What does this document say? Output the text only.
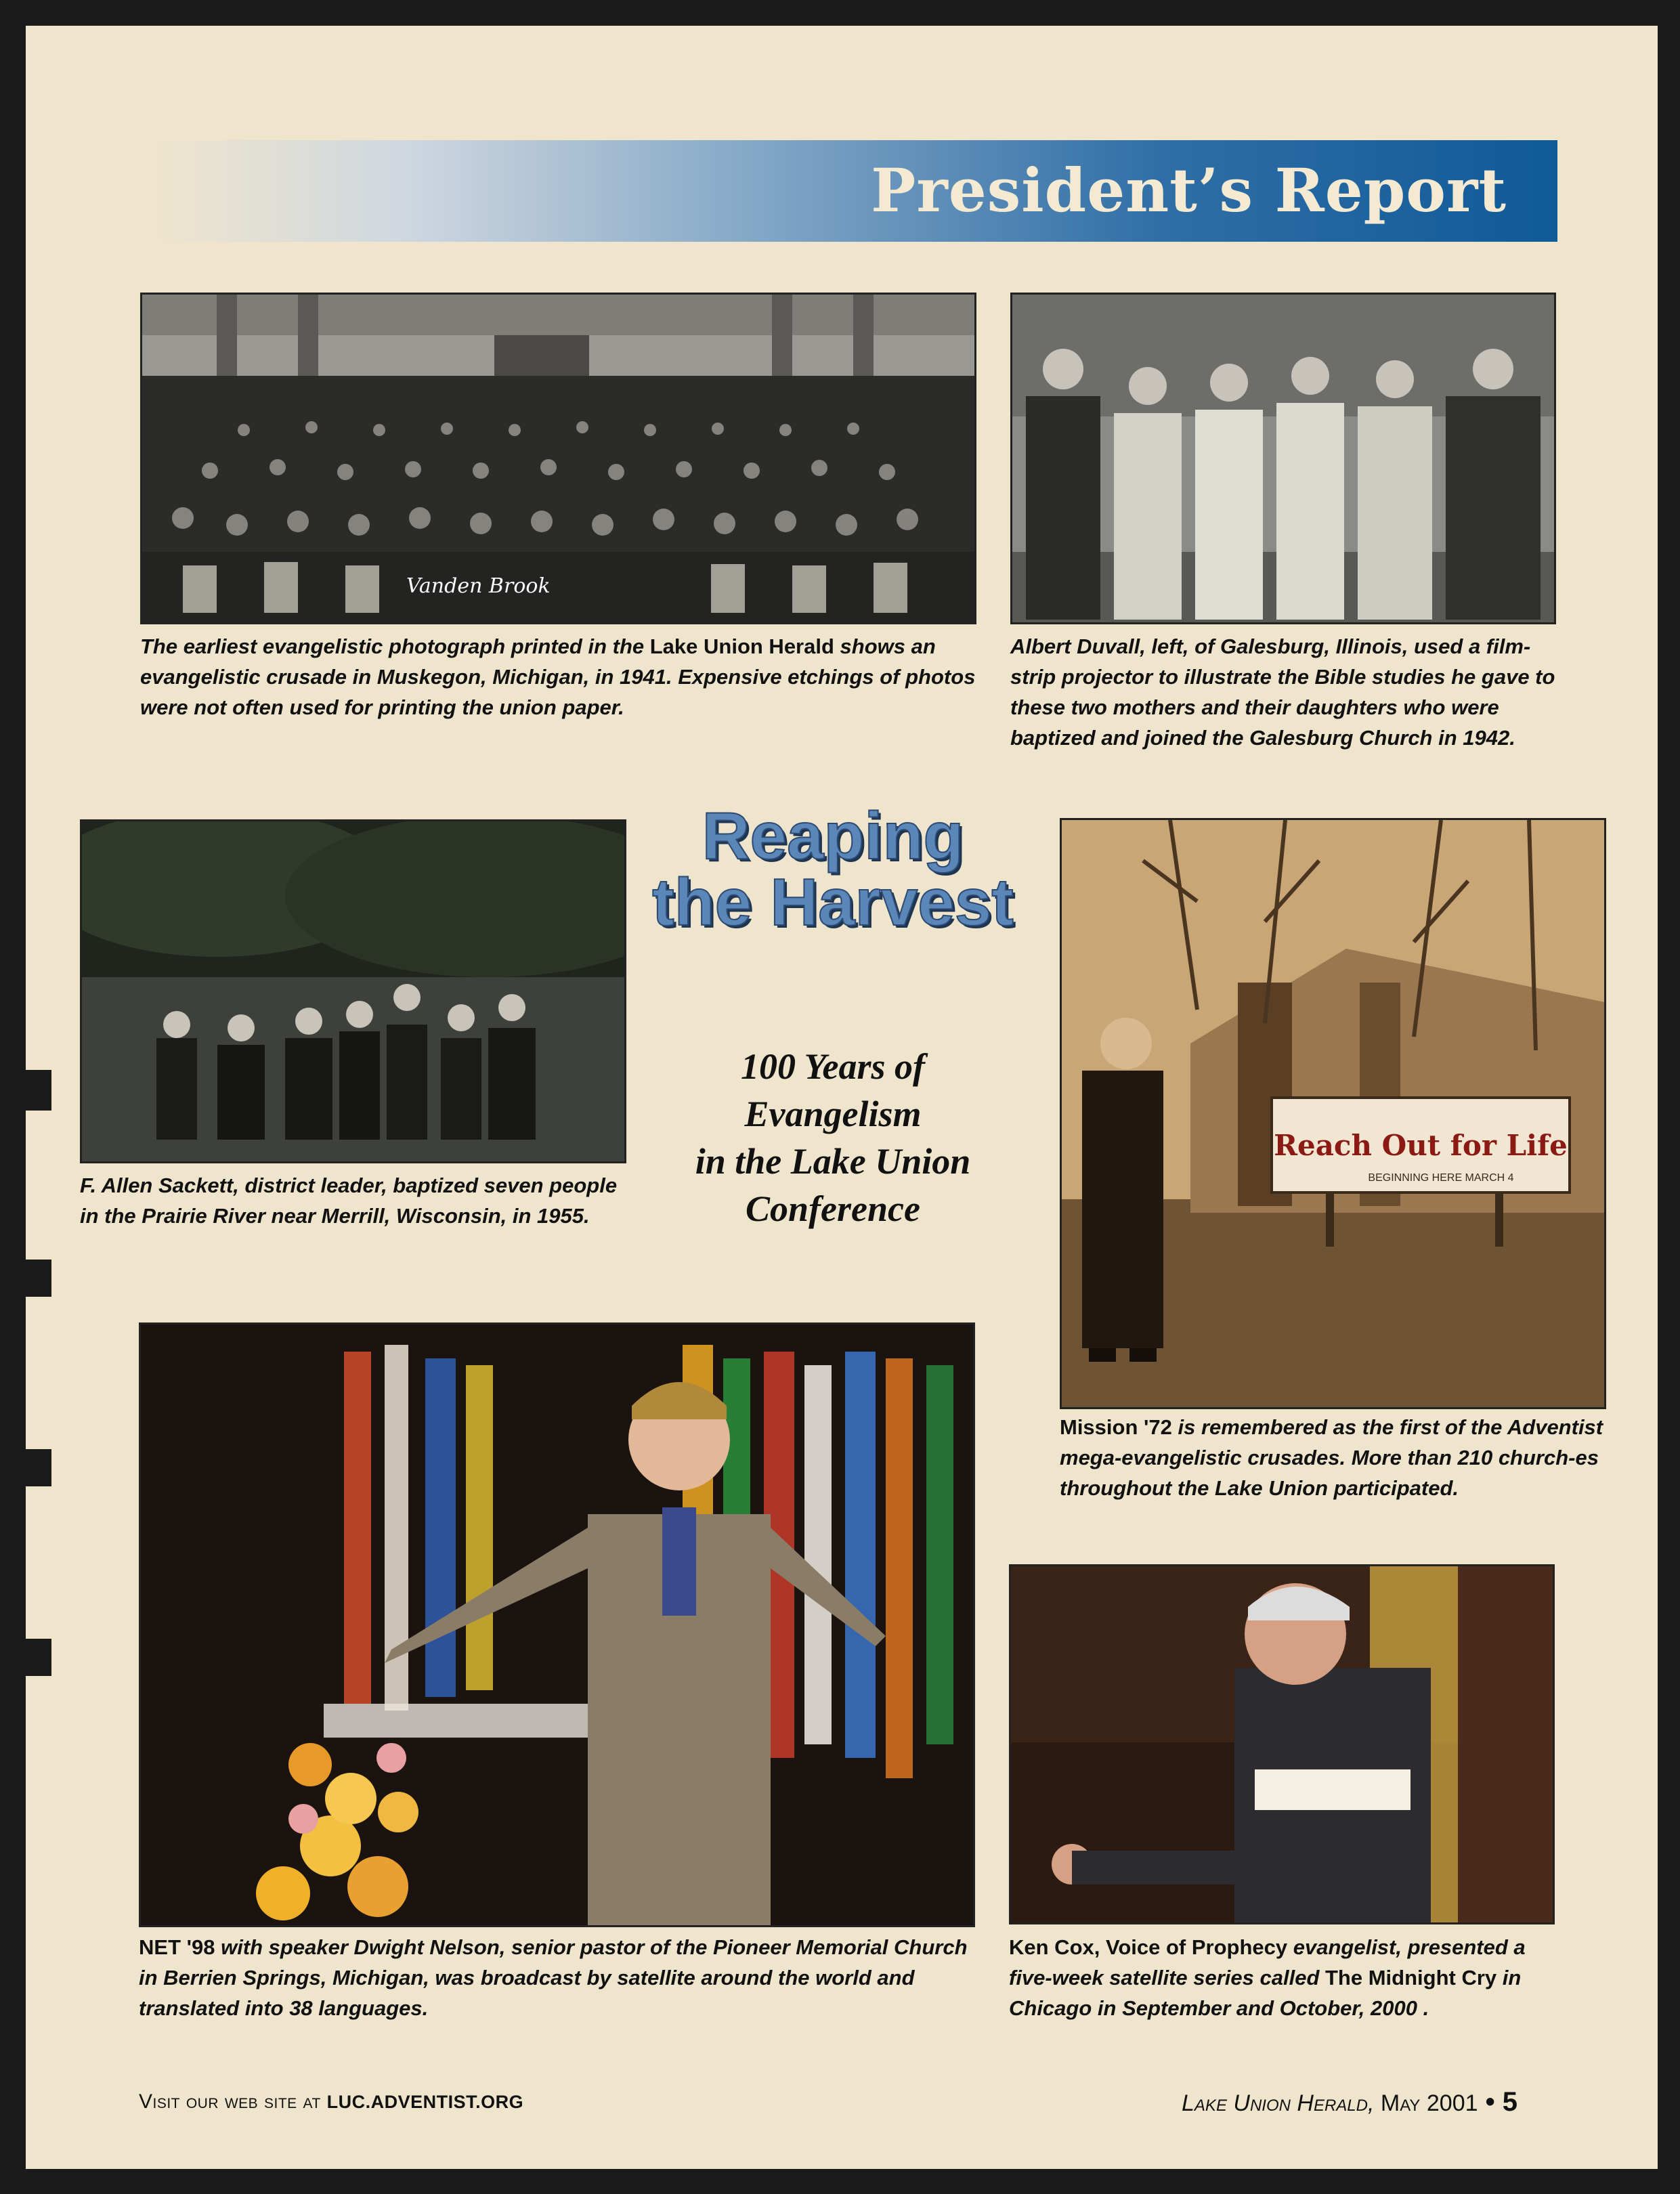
President’s Report
Vanden Brook
The earliest evangelistic photograph printed in the Lake Union Herald shows an evangelistic crusade in Muskegon, Michigan, in 1941. Expensive etchings of photos were not often used for printing the union paper.
Albert Duvall, left, of Galesburg, Illinois, used a film-strip projector to illustrate the Bible studies he gave to these two mothers and their daughters who were baptized and joined the Galesburg Church in 1942.
F. Allen Sackett, district leader, baptized seven people in the Prairie River near Merrill, Wisconsin, in 1955.
Reaping
the Harvest
100 Years of
Evangelism
in the Lake Union
Conference
Reach Out for Life
BEGINNING HERE MARCH 4
Mission '72 is remembered as the first of the Adventist mega-evangelistic crusades. More than 210 church-es throughout the Lake Union participated.
NET '98 with speaker Dwight Nelson, senior pastor of the Pioneer Memorial Church in Berrien Springs, Michigan, was broadcast by satellite around the world and translated into 38 languages.
Ken Cox, Voice of Prophecy evangelist, presented a five-week satellite series called The Midnight Cry in Chicago in September and October, 2000 .
Visit our web site at LUC.ADVENTIST.ORG	Lake Union Herald, May 2001 • 5
